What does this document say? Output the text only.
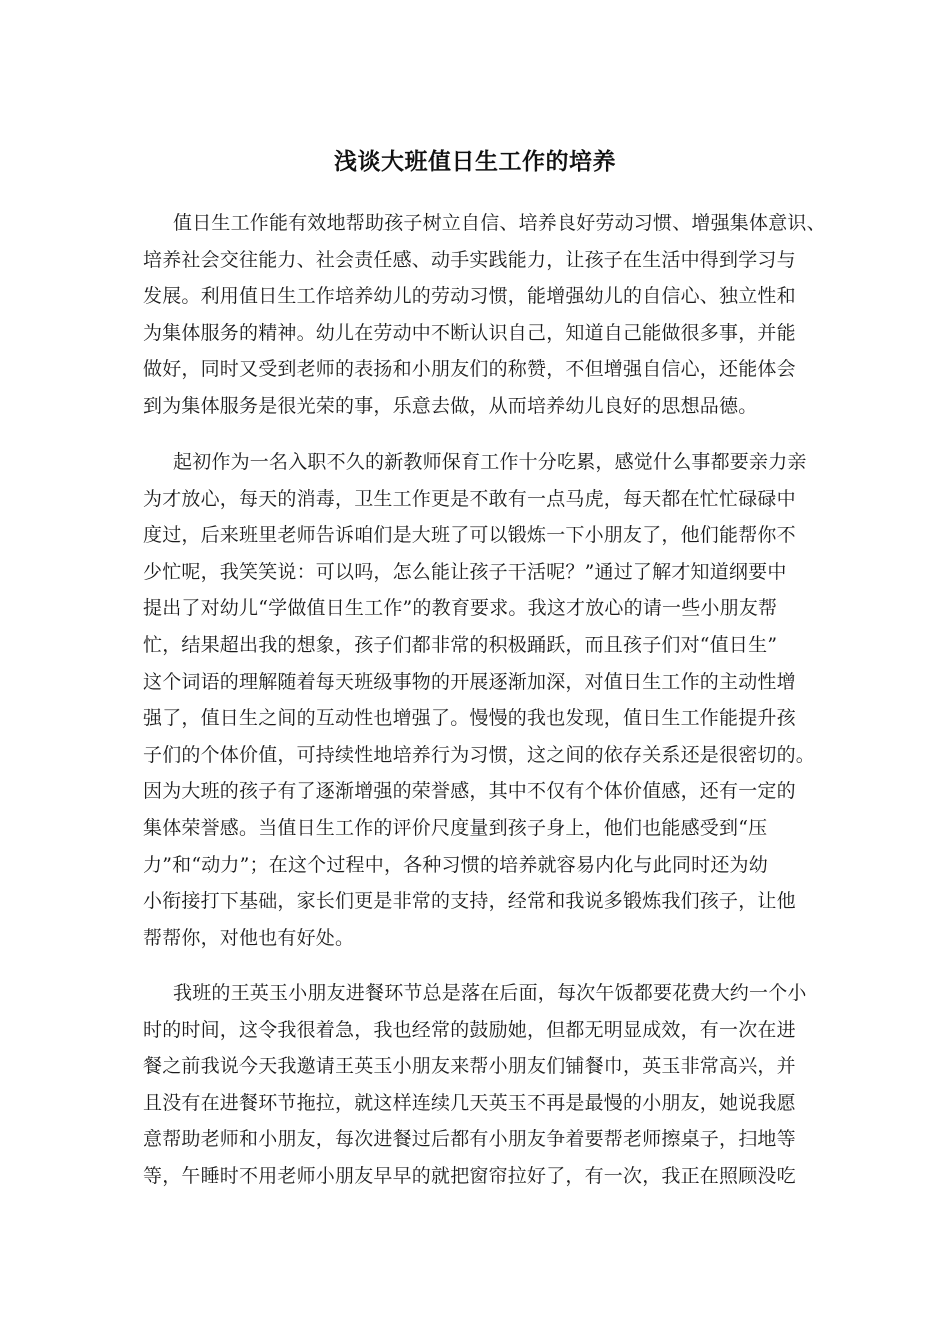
浅谈大班值日生工作的培养
值日生工作能有效地帮助孩子树立自信、培养良好劳动习惯、增强集体意识、
培养社会交往能力、社会责任感、动手实践能力，让孩子在生活中得到学习与
发展。利用值日生工作培养幼儿的劳动习惯，能增强幼儿的自信心、独立性和
为集体服务的精神。幼儿在劳动中不断认识自己，知道自己能做很多事，并能
做好，同时又受到老师的表扬和小朋友们的称赞，不但增强自信心，还能体会
到为集体服务是很光荣的事，乐意去做，从而培养幼儿良好的思想品德。
起初作为一名入职不久的新教师保育工作十分吃累，感觉什么事都要亲力亲
为才放心，每天的消毒，卫生工作更是不敢有一点马虎，每天都在忙忙碌碌中
度过，后来班里老师告诉咱们是大班了可以锻炼一下小朋友了，他们能帮你不
少忙呢，我笑笑说：可以吗，怎么能让孩子干活呢？”通过了解才知道纲要中
提出了对幼儿“学做值日生工作”的教育要求。我这才放心的请一些小朋友帮
忙，结果超出我的想象，孩子们都非常的积极踊跃，而且孩子们对“值日生”
这个词语的理解随着每天班级事物的开展逐渐加深，对值日生工作的主动性增
强了，值日生之间的互动性也增强了。慢慢的我也发现，值日生工作能提升孩
子们的个体价值，可持续性地培养行为习惯，这之间的依存关系还是很密切的。
因为大班的孩子有了逐渐增强的荣誉感，其中不仅有个体价值感，还有一定的
集体荣誉感。当值日生工作的评价尺度量到孩子身上，他们也能感受到“压
力”和“动力”；在这个过程中，各种习惯的培养就容易内化与此同时还为幼
小衔接打下基础，家长们更是非常的支持，经常和我说多锻炼我们孩子，让他
帮帮你，对他也有好处。
我班的王英玉小朋友进餐环节总是落在后面，每次午饭都要花费大约一个小
时的时间，这令我很着急，我也经常的鼓励她，但都无明显成效，有一次在进
餐之前我说今天我邀请王英玉小朋友来帮小朋友们铺餐巾，英玉非常高兴，并
且没有在进餐环节拖拉，就这样连续几天英玉不再是最慢的小朋友，她说我愿
意帮助老师和小朋友，每次进餐过后都有小朋友争着要帮老师擦桌子，扫地等
等，午睡时不用老师小朋友早早的就把窗帘拉好了，有一次，我正在照顾没吃
